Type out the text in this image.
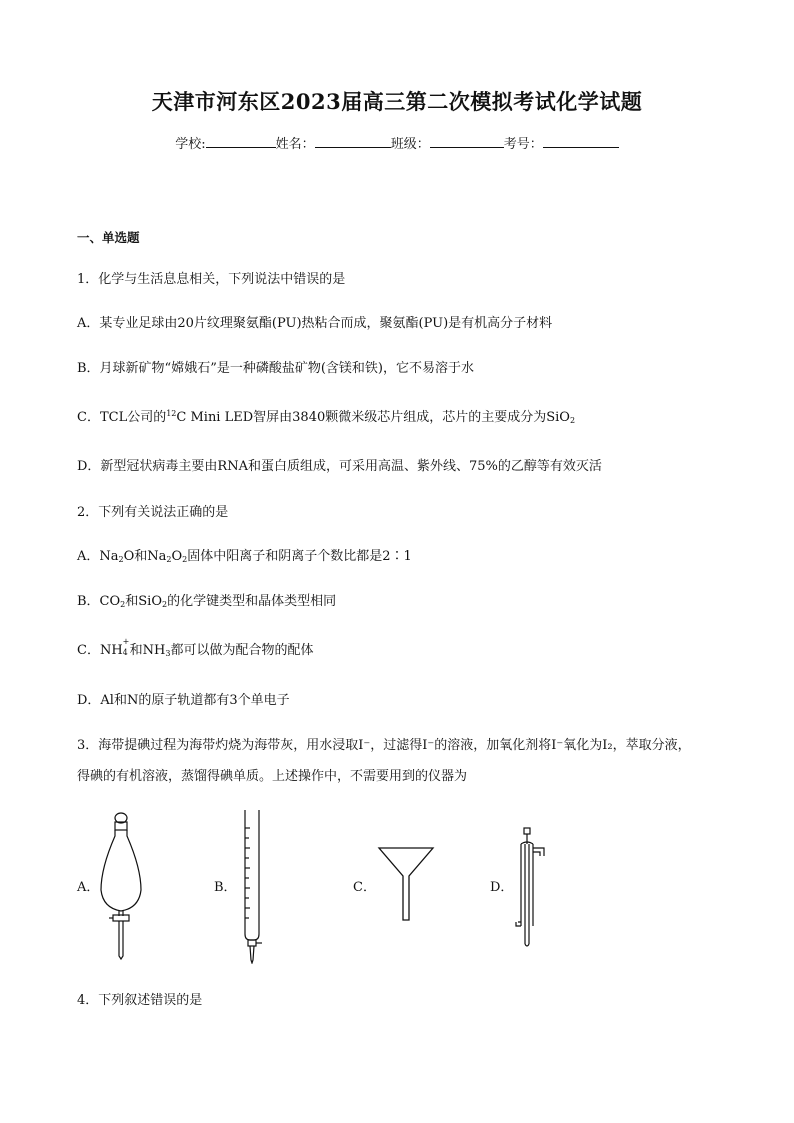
天津市河东区2023届高三第二次模拟考试化学试题
学校:	姓名：	班级：	考号：
一、单选题
1．化学与生活息息相关，下列说法中错误的是
A．某专业足球由20片纹理聚氨酯(PU)热粘合而成，聚氨酯(PU)是有机高分子材料
B．月球新矿物“嫦娥石”是一种磷酸盐矿物(含镁和铁)，它不易溶于水
C．TCL公司的$^{12}$C Mini LED智屏由3840颗微米级芯片组成，芯片的主要成分为SiO$_2$
D．新型冠状病毒主要由RNA和蛋白质组成，可采用高温、紫外线、75%的乙醇等有效灭活
2．下列有关说法正确的是
A．$Na_2O$和$Na_2O_2$固体中阳离子和阴离子个数比都是2∶1
B．$CO_2$和SiO$_2$的化学键类型和晶体类型相同
C．NH
+
4 和$NH_3$都可以做为配合物的配体
D．Al和N的原子轨道都有3个单电子
3．海带提碘过程为海带灼烧为海带灰，用水浸取I⁻，过滤得I⁻的溶液，加氧化剂将I⁻氧化为I₂，萃取分液，
得碘的有机溶液，蒸馏得碘单质。上述操作中，不需要用到的仪器为
A．	B．	C．	D．
4．下列叙述错误的是
